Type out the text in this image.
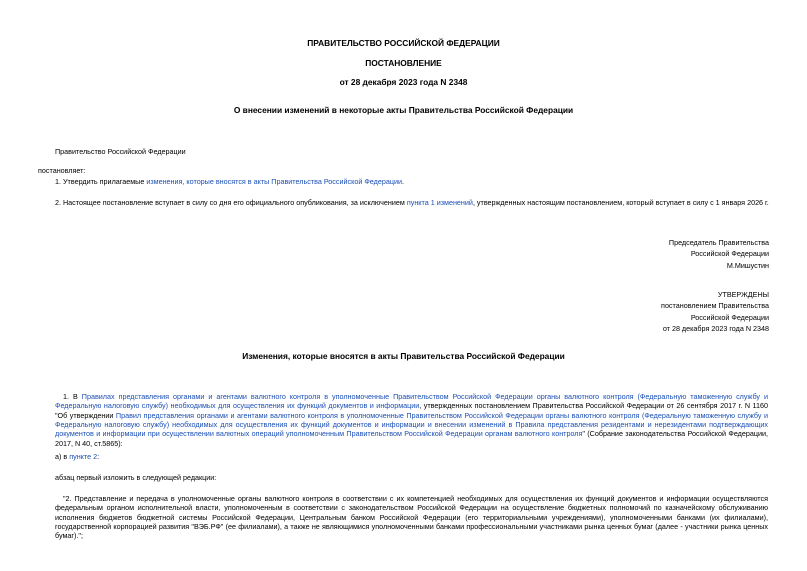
ПРАВИТЕЛЬСТВО РОССИЙСКОЙ ФЕДЕРАЦИИ
ПОСТАНОВЛЕНИЕ
от 28 декабря 2023 года N 2348
О внесении изменений в некоторые акты Правительства Российской Федерации
Правительство Российской Федерации
постановляет:
1. Утвердить прилагаемые изменения, которые вносятся в акты Правительства Российской Федерации.
2. Настоящее постановление вступает в силу со дня его официального опубликования, за исключением пункта 1 изменений, утвержденных настоящим постановлением, который вступает в силу с 1 января 2026 г.
Председатель Правительства
Российской Федерации
М.Мишустин
УТВЕРЖДЕНЫ
постановлением Правительства
Российской Федерации
от 28 декабря 2023 года N 2348
Изменения, которые вносятся в акты Правительства Российской Федерации
1. В Правилах представления органами и агентами валютного контроля в уполномоченные Правительством Российской Федерации органы валютного контроля (Федеральную таможенную службу и Федеральную налоговую службу) необходимых для осуществления их функций документов и информации, утвержденных постановлением Правительства Российской Федерации от 26 сентября 2017 г. N 1160 "Об утверждении Правил представления органами и агентами валютного контроля в уполномоченные Правительством Российской Федерации органы валютного контроля (Федеральную таможенную службу и Федеральную налоговую службу) необходимых для осуществления их функций документов и информации и внесении изменений в Правила представления резидентами и нерезидентами подтверждающих документов и информации при осуществлении валютных операций уполномоченным Правительством Российской Федерации органам валютного контроля" (Собрание законодательства Российской Федерации, 2017, N 40, ст.5865):
а) в пункте 2:
абзац первый изложить в следующей редакции:
"2. Представление и передача в уполномоченные органы валютного контроля в соответствии с их компетенцией необходимых для осуществления их функций документов и информации осуществляются федеральным органом исполнительной власти, уполномоченным в соответствии с законодательством Российской Федерации на осуществление бюджетных полномочий по казначейскому обслуживанию исполнения бюджетов бюджетной системы Российской Федерации, Центральным банком Российской Федерации (его территориальными учреждениями), уполномоченными банками (их филиалами), государственной корпорацией развития "ВЭБ.РФ" (ее филиалами), а также не являющимися уполномоченными банками профессиональными участниками рынка ценных бумаг (далее - участники рынка ценных бумаг).";
